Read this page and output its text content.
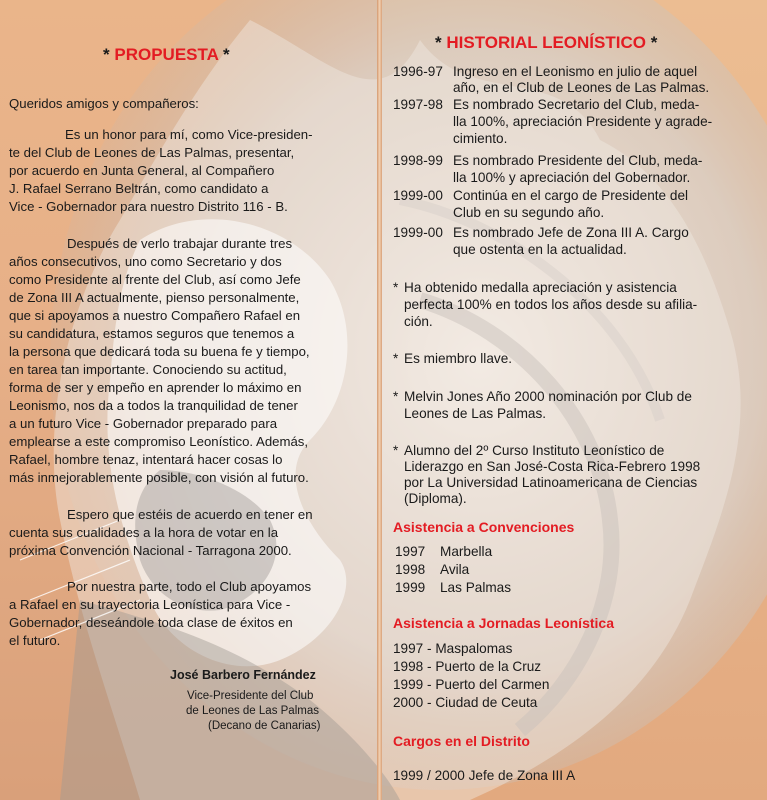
* PROPUESTA *
Queridos amigos y compañeros:
Es un honor para mí, como Vice-presiden-
te del Club de Leones de Las Palmas, presentar,
por acuerdo en Junta General, al Compañero
J. Rafael Serrano Beltrán, como candidato a
Vice - Gobernador para nuestro Distrito 116 - B.
Después de verlo trabajar durante tres
años consecutivos, uno como Secretario y dos
como Presidente al frente del Club, así como Jefe
de Zona III A actualmente, pienso personalmente,
que si apoyamos a nuestro Compañero Rafael en
su candidatura, estamos seguros que tenemos a
la persona que dedicará toda su buena fe y tiempo,
en tarea tan importante. Conociendo su actitud,
forma de ser y empeño en aprender lo máximo en
Leonismo, nos da a todos la tranquilidad de tener
a un futuro Vice - Gobernador preparado para
emplearse a este compromiso Leonístico. Además,
Rafael, hombre tenaz, intentará hacer cosas lo
más inmejorablemente posible, con visión al futuro.
Espero que estéis de acuerdo en tener en
cuenta sus cualidades a la hora de votar en la
próxima Convención Nacional - Tarragona 2000.
Por nuestra parte, todo el Club apoyamos
a Rafael en su trayectoria Leonística para Vice -
Gobernador, deseándole toda clase de éxitos en
el futuro.
José Barbero Fernández
Vice-Presidente del Club
de Leones de Las Palmas
(Decano de Canarias)
* HISTORIAL LEONÍSTICO *
1996-97 Ingreso en el Leonismo en julio de aquel
año, en el Club de Leones de Las Palmas.
1997-98 Es nombrado Secretario del Club, meda-
lla 100%, apreciación Presidente y agrade-
cimiento.
1998-99 Es nombrado Presidente del Club, meda-
lla 100% y apreciación del Gobernador.
1999-00 Continúa en el cargo de Presidente del
Club en su segundo año.
1999-00 Es nombrado Jefe de Zona III A. Cargo
que ostenta en la actualidad.
* Ha obtenido medalla apreciación y asistencia
perfecta 100% en todos los años desde su afilia-
ción.
* Es miembro llave.
* Melvin Jones Año 2000 nominación por Club de
Leones de Las Palmas.
* Alumno del 2º Curso Instituto Leonístico de
Liderazgo en San José-Costa Rica-Febrero 1998
por La Universidad Latinoamericana de Ciencias
(Diploma).
Asistencia a Convenciones
1997 Marbella
1998 Avila
1999 Las Palmas
Asistencia a Jornadas Leonística
1997 - Maspalomas
1998 - Puerto de la Cruz
1999 - Puerto del Carmen
2000 - Ciudad de Ceuta
Cargos en el Distrito
1999 / 2000 Jefe de Zona III A
